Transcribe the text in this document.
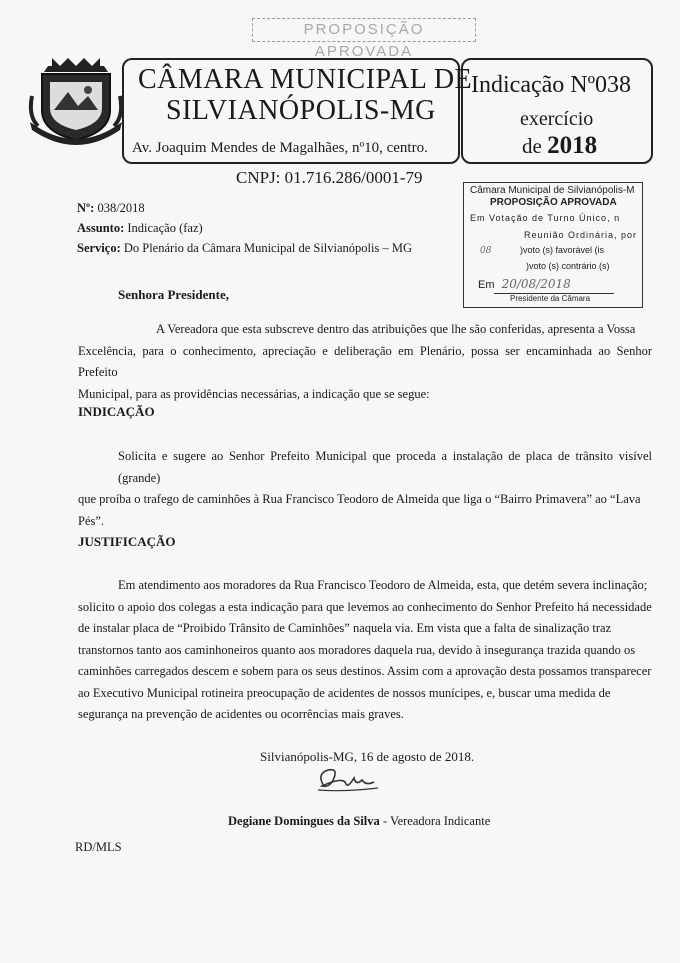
PROPOSIÇÃO APROVADA
CÂMARA MUNICIPAL DE
SILVIANÓPOLIS-MG
Av. Joaquim Mendes de Magalhães, nº10, centro.
Indicação Nº038
exercício
de 2018
CNPJ: 01.716.286/0001-79
Câmara Municipal de Silvianópolis-M
PROPOSIÇÃO APROVADA
Em Votação de Turno Único, n
Reunião Ordinária, por
08	)voto (s) favorável (is
)voto (s) contrário (s)
Em 20/08/2018
Presidente da Câmara
Nº: 038/2018
Assunto: Indicação (faz)
Serviço: Do Plenário da Câmara Municipal de Silvianópolis – MG
Senhora Presidente,
A Vereadora que esta subscreve dentro das atribuições que lhe são conferidas, apresenta a Vossa
Excelência, para o conhecimento, apreciação e deliberação em Plenário, possa ser encaminhada ao Senhor Prefeito
Municipal, para as providências necessárias, a indicação que se segue:
INDICAÇÃO
Solicita e sugere ao Senhor Prefeito Municipal que proceda a instalação de placa de trânsito visível (grande)
que proíba o trafego de caminhões à Rua Francisco Teodoro de Almeida que liga o “Bairro Primavera” ao “Lava
Pés”.
JUSTIFICAÇÃO
Em atendimento aos moradores da Rua Francisco Teodoro de Almeida, esta, que detém severa inclinação;
solicito o apoio dos colegas a esta indicação para que levemos ao conhecimento do Senhor Prefeito há necessidade
de instalar placa de “Proibido Trânsito de Caminhões” naquela via. Em vista que a falta de sinalização traz
transtornos tanto aos caminhoneiros quanto aos moradores daquela rua, devido à insegurança trazida quando os
caminhões carregados descem e sobem para os seus destinos. Assim com a aprovação desta possamos transparecer
ao Executivo Municipal rotineira preocupação de acidentes de nossos munícipes, e, buscar uma medida de
segurança na prevenção de acidentes ou ocorrências mais graves.
Silvianópolis-MG, 16 de agosto de 2018.
Degiane Domingues da Silva - Vereadora Indicante
RD/MLS
